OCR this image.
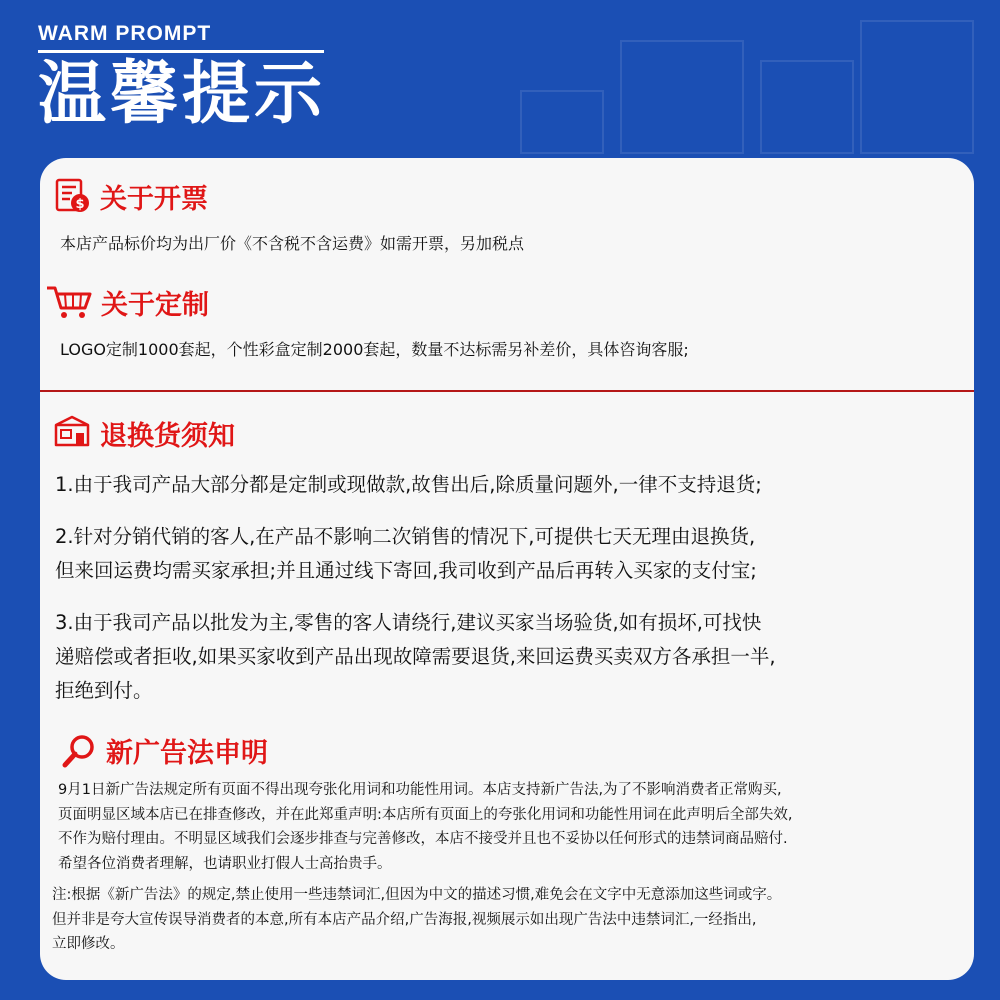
WARM PROMPT
温馨提示
$ 关于开票
本店产品标价均为出厂价《不含税不含运费》如需开票，另加税点
关于定制
LOGO定制1000套起，个性彩盒定制2000套起，数量不达标需另补差价，具体咨询客服;
退换货须知
1.由于我司产品大部分都是定制或现做款,故售出后,除质量问题外,一律不支持退货;
2.针对分销代销的客人,在产品不影响二次销售的情况下,可提供七天无理由退换货,
但来回运费均需买家承担;并且通过线下寄回,我司收到产品后再转入买家的支付宝;
3.由于我司产品以批发为主,零售的客人请绕行,建议买家当场验货,如有损坏,可找快
递赔偿或者拒收,如果买家收到产品出现故障需要退货,来回运费买卖双方各承担一半,
拒绝到付。
新广告法申明
9月1日新广告法规定所有页面不得出现夸张化用词和功能性用词。本店支持新广告法,为了不影响消费者正常购买,
页面明显区域本店已在排查修改，并在此郑重声明:本店所有页面上的夸张化用词和功能性用词在此声明后全部失效,
不作为赔付理由。不明显区域我们会逐步排查与完善修改，本店不接受并且也不妥协以任何形式的违禁词商品赔付.
希望各位消费者理解，也请职业打假人士高抬贵手。
注:根据《新广告法》的规定,禁止使用一些违禁词汇,但因为中文的描述习惯,难免会在文字中无意添加这些词或字。
但并非是夸大宣传误导消费者的本意,所有本店产品介绍,广告海报,视频展示如出现广告法中违禁词汇,一经指出,
立即修改。
